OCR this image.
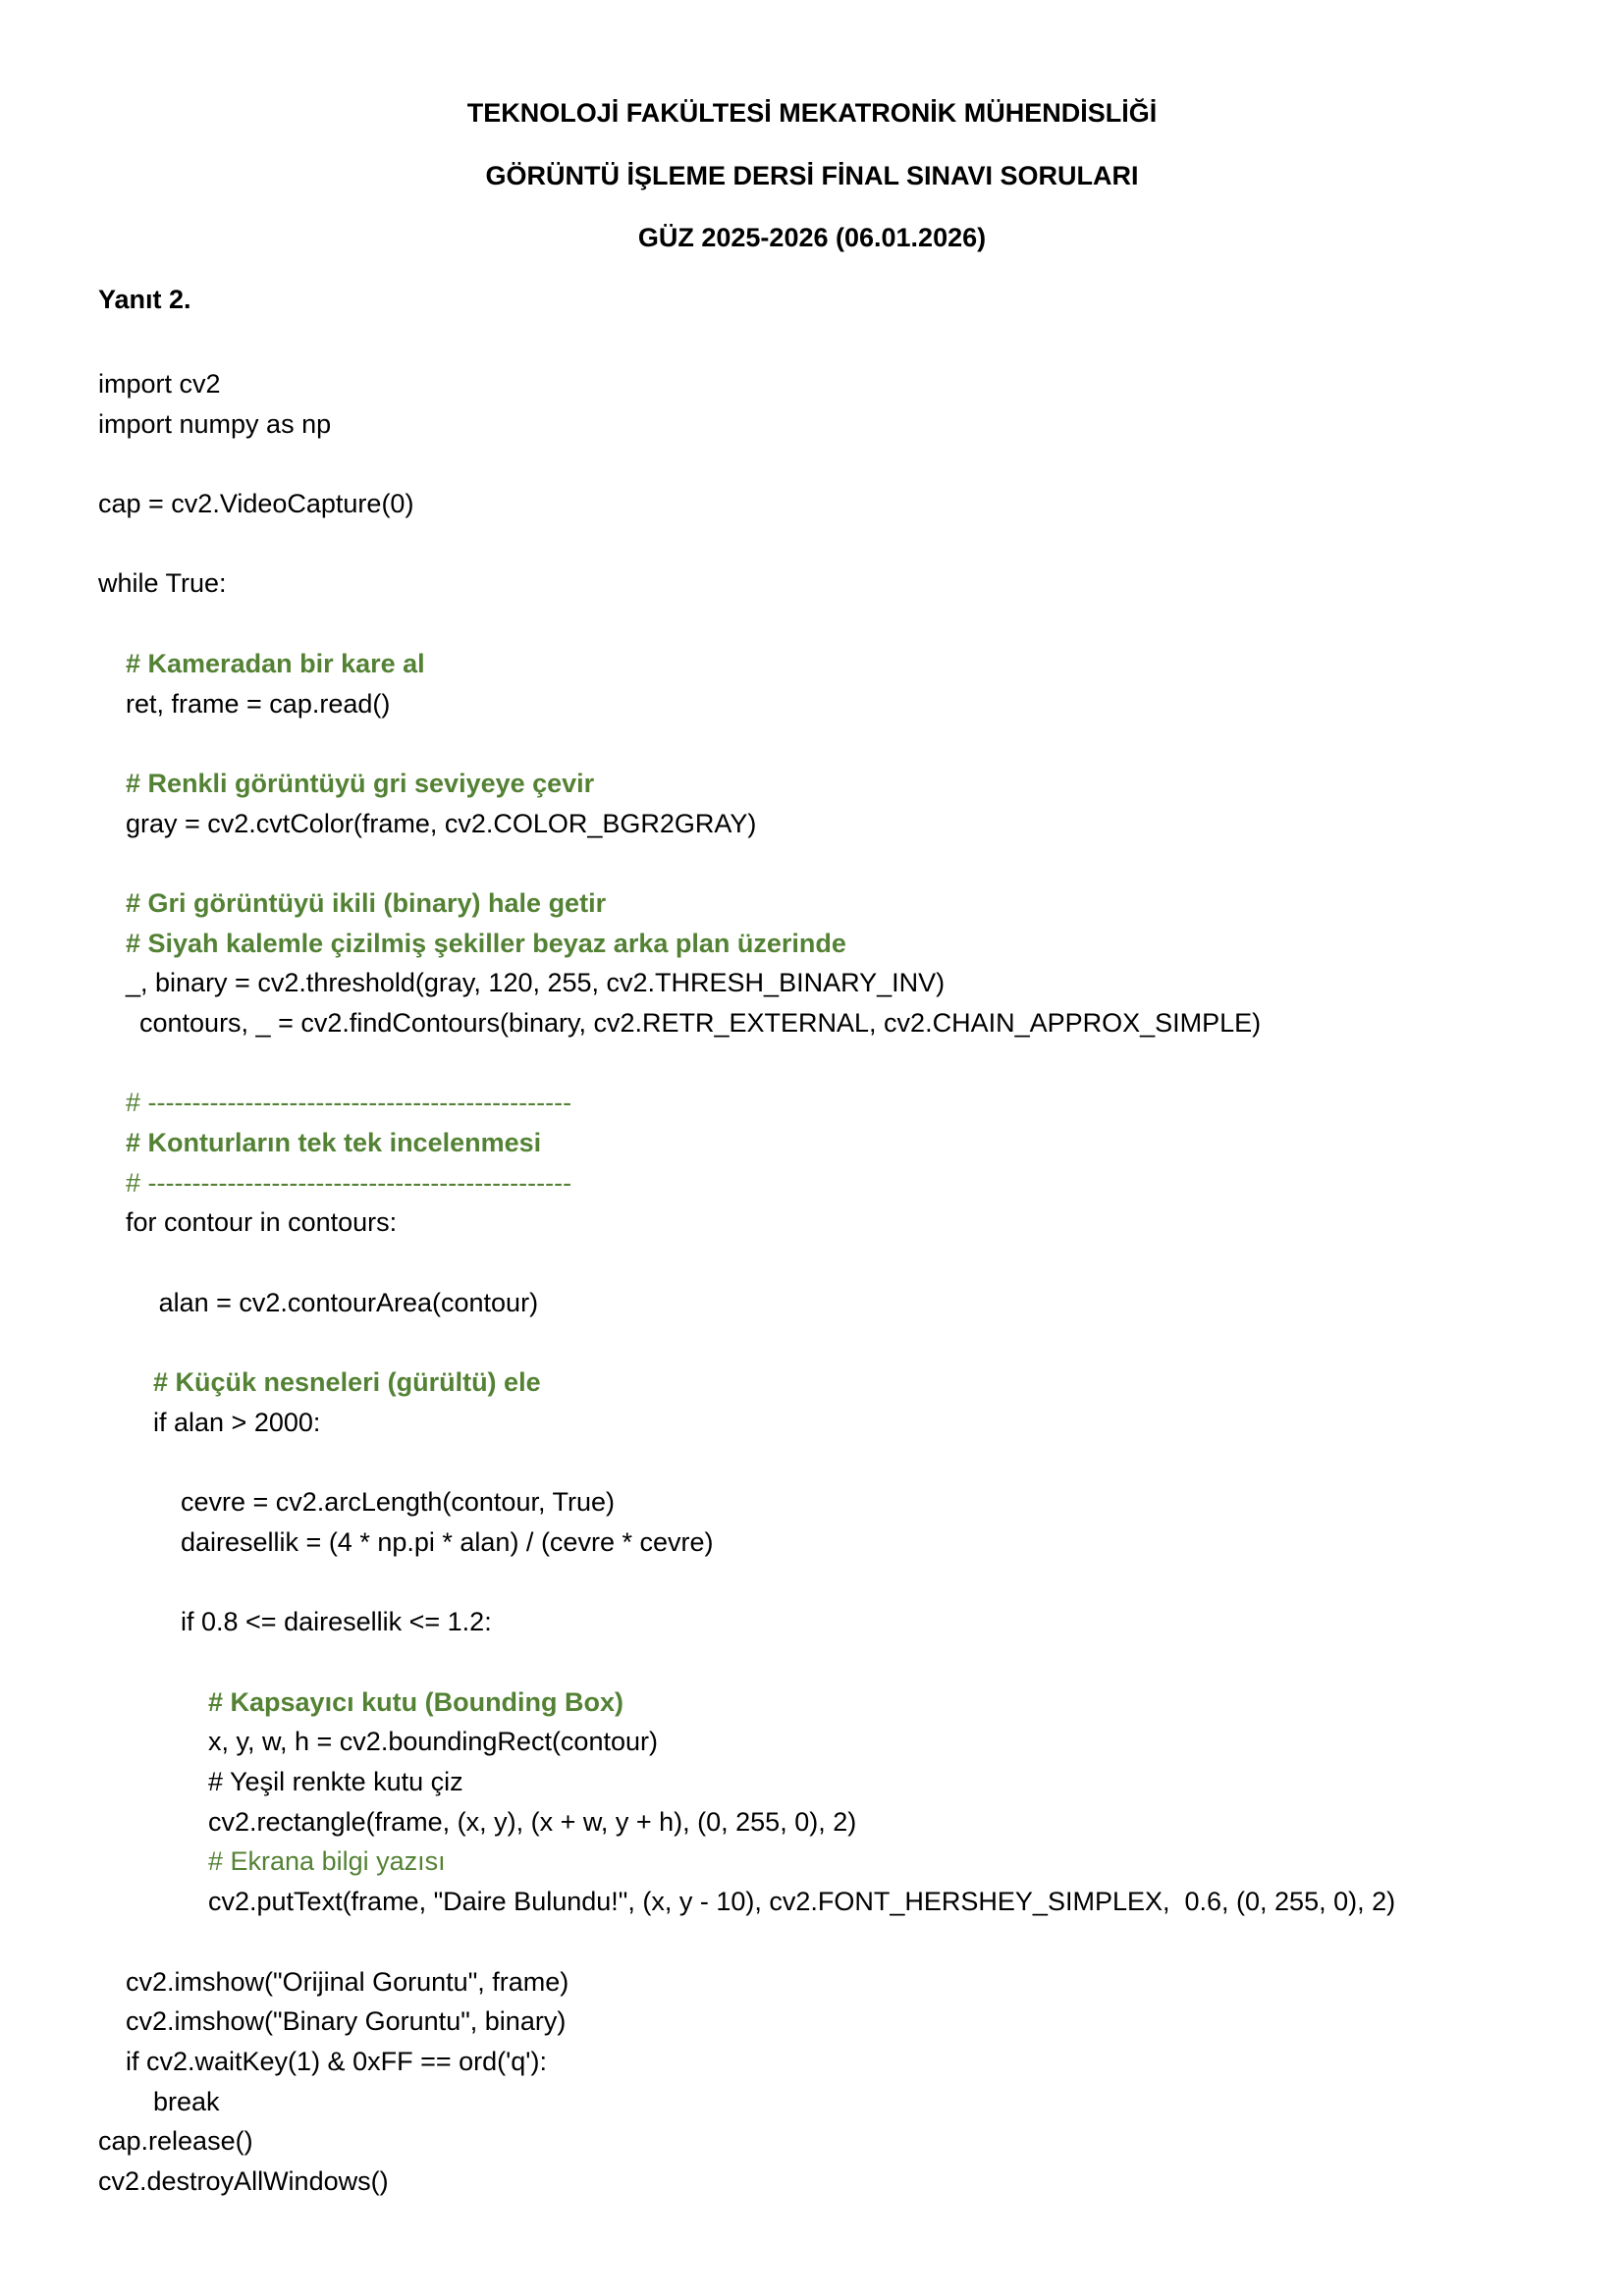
TEKNOLOJİ FAKÜLTESİ MEKATRONİK MÜHENDİSLİĞİ
GÖRÜNTÜ İŞLEME DERSİ FİNAL SINAVI SORULARI
GÜZ 2025-2026 (06.01.2026)
Yanıt 2.
import cv2
import numpy as np
cap = cv2.VideoCapture(0)
while True:
# Kameradan bir kare al
ret, frame = cap.read()
# Renkli görüntüyü gri seviyeye çevir
gray = cv2.cvtColor(frame, cv2.COLOR_BGR2GRAY)
# Gri görüntüyü ikili (binary) hale getir
# Siyah kalemle çizilmiş şekiller beyaz arka plan üzerinde
_, binary = cv2.threshold(gray, 120, 255, cv2.THRESH_BINARY_INV)
contours, _ = cv2.findContours(binary, cv2.RETR_EXTERNAL, cv2.CHAIN_APPROX_SIMPLE)
# ------------------------------------------------
# Konturların tek tek incelenmesi
# ------------------------------------------------
for contour in contours:
alan = cv2.contourArea(contour)
# Küçük nesneleri (gürültü) ele
if alan > 2000:
cevre = cv2.arcLength(contour, True)
dairesellik = (4 * np.pi * alan) / (cevre * cevre)
if 0.8 <= dairesellik <= 1.2:
# Kapsayıcı kutu (Bounding Box)
x, y, w, h = cv2.boundingRect(contour)
# Yeşil renkte kutu çiz
cv2.rectangle(frame, (x, y), (x + w, y + h), (0, 255, 0), 2)
# Ekrana bilgi yazısı
cv2.putText(frame, "Daire Bulundu!", (x, y - 10), cv2.FONT_HERSHEY_SIMPLEX,  0.6, (0, 255, 0), 2)
cv2.imshow("Orijinal Goruntu", frame)
cv2.imshow("Binary Goruntu", binary)
if cv2.waitKey(1) & 0xFF == ord('q'):
break
cap.release()
cv2.destroyAllWindows()
